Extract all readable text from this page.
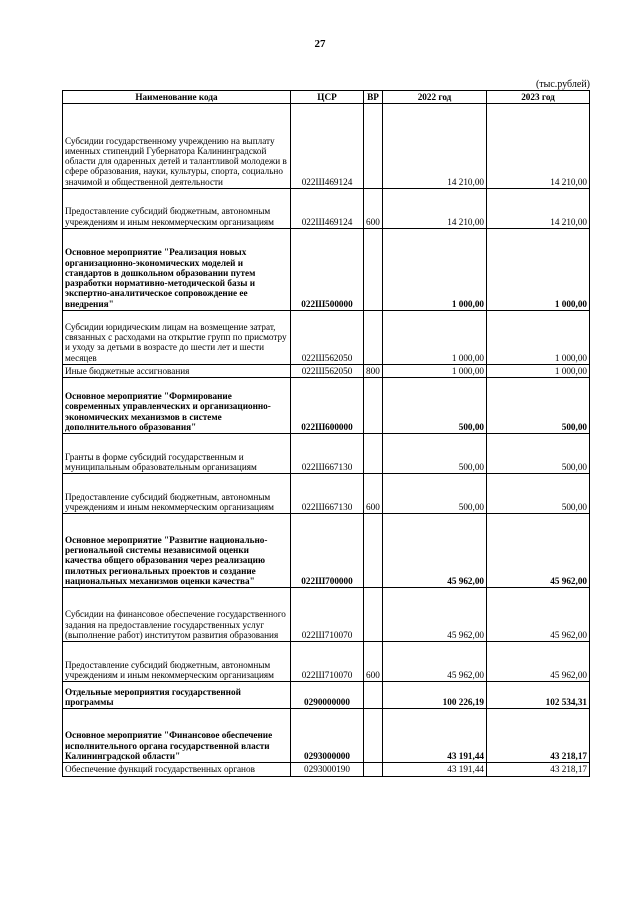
27
(тыс.рублей)
Наименование кода	ЦСР	ВР	2022 год	2023 год
Субсидии государственному учреждению на выплату именных стипендий Губернатора Калининградской области для одаренных детей и талантливой молодежи в сфере образования, науки, культуры, спорта, социально значимой и общественной деятельности	022Ш469124		14 210,00	14 210,00
Предоставление субсидий бюджетным, автономным учреждениям и иным некоммерческим организациям	022Ш469124	600	14 210,00	14 210,00
Основное мероприятие "Реализация новых организационно-экономических моделей и стандартов в дошкольном образовании путем разработки нормативно-методической базы и экспертно-аналитическое сопровождение ее внедрения"	022Ш500000		1 000,00	1 000,00
Субсидии юридическим лицам на возмещение затрат, связанных с расходами на открытие групп по присмотру и уходу за детьми в возрасте до шести лет и шести месяцев	022Ш562050		1 000,00	1 000,00
Иные бюджетные ассигнования	022Ш562050	800	1 000,00	1 000,00
Основное мероприятие "Формирование современных управленческих и организационно-экономических механизмов в системе дополнительного образования"	022Ш600000		500,00	500,00
Гранты в форме субсидий государственным и муниципальным образовательным организациям	022Ш667130		500,00	500,00
Предоставление субсидий бюджетным, автономным учреждениям и иным некоммерческим организациям	022Ш667130	600	500,00	500,00
Основное мероприятие "Развитие национально-региональной системы независимой оценки качества общего образования через реализацию пилотных региональных проектов и создание национальных механизмов оценки качества"	022Ш700000		45 962,00	45 962,00
Субсидии на финансовое обеспечение государственного задания на предоставление государственных услуг (выполнение работ) институтом развития образования	022Ш710070		45 962,00	45 962,00
Предоставление субсидий бюджетным, автономным учреждениям и иным некоммерческим организациям	022Ш710070	600	45 962,00	45 962,00
Отдельные мероприятия государственной программы	0290000000		100 226,19	102 534,31
Основное мероприятие "Финансовое обеспечение исполнительного органа государственной власти Калининградской области"	0293000000		43 191,44	43 218,17
Обеспечение функций государственных органов	0293000190		43 191,44	43 218,17
